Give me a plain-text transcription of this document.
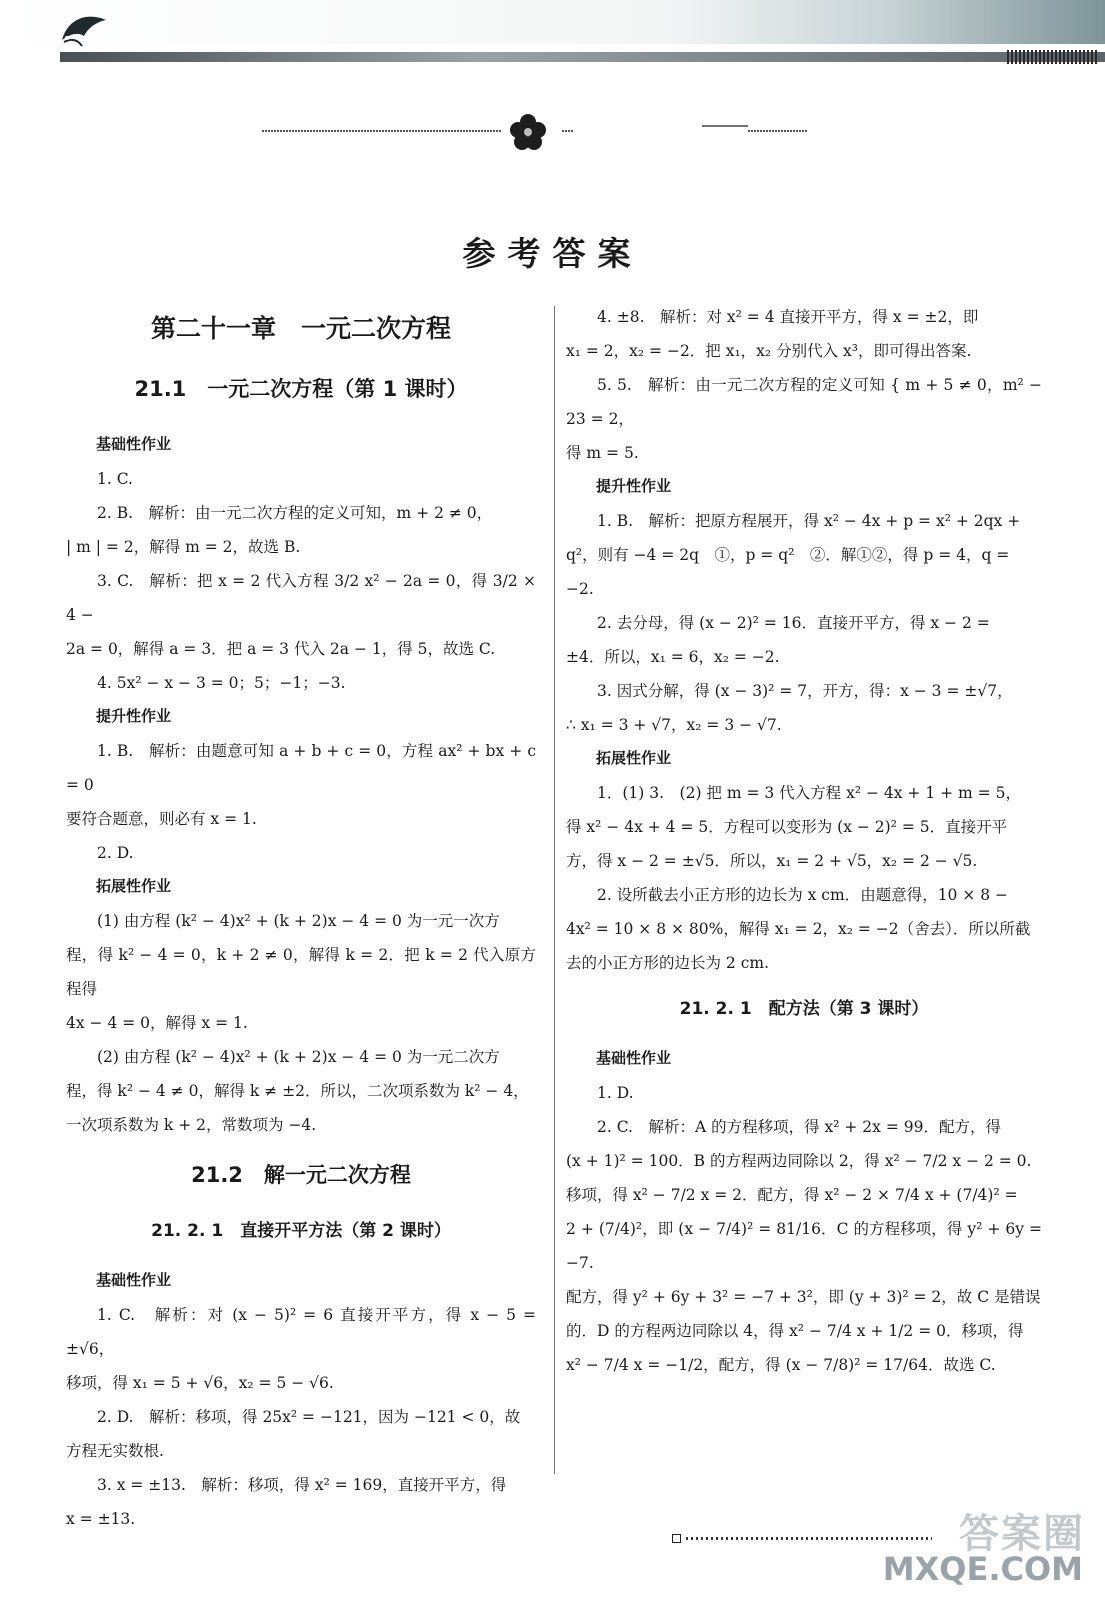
参考答案
第二十一章　一元二次方程
21.1　一元二次方程（第 1 课时）
基础性作业

1. C.

2. B.　解析：由一元二次方程的定义可知，m + 2 ≠ 0，

| m | = 2，解得 m = 2，故选 B.

3. C.　解析：把 x = 2 代入方程 3/2 x² − 2a = 0，得 3/2 × 4 −

2a = 0，解得 a = 3．把 a = 3 代入 2a − 1，得 5，故选 C.

4. 5x² − x − 3 = 0；5；−1；−3.

提升性作业

1. B.　解析：由题意可知 a + b + c = 0，方程 ax² + bx + c = 0

要符合题意，则必有 x = 1.

2. D.

拓展性作业

(1) 由方程 (k² − 4)x² + (k + 2)x − 4 = 0 为一元一次方

程，得 k² − 4 = 0，k + 2 ≠ 0，解得 k = 2．把 k = 2 代入原方程得

4x − 4 = 0，解得 x = 1.

(2) 由方程 (k² − 4)x² + (k + 2)x − 4 = 0 为一元二次方

程，得 k² − 4 ≠ 0，解得 k ≠ ±2．所以，二次项系数为 k² − 4，

一次项系数为 k + 2，常数项为 −4.

21.2　解一元二次方程
21. 2. 1　直接开平方法（第 2 课时）
基础性作业

1. C.　解析：对 (x − 5)² = 6 直接开平方，得 x − 5 = ±√6，

移项，得 x₁ = 5 + √6，x₂ = 5 − √6.

2. D.　解析：移项，得 25x² = −121，因为 −121 < 0，故

方程无实数根.

3. x = ±13.　解析：移项，得 x² = 169，直接开平方，得

x = ±13.

4. ±8.　解析：对 x² = 4 直接开平方，得 x = ±2，即

x₁ = 2，x₂ = −2．把 x₁，x₂ 分别代入 x³，即可得出答案.

5. 5.　解析：由一元二次方程的定义可知 { m + 5 ≠ 0，m² − 23 = 2，

得 m = 5.

提升性作业

1. B.　解析：把原方程展开，得 x² − 4x + p = x² + 2qx +

q²，则有 −4 = 2q　①，p = q²　②．解①②，得 p = 4，q =

−2.

2. 去分母，得 (x − 2)² = 16．直接开平方，得 x − 2 =

±4．所以，x₁ = 6，x₂ = −2.

3. 因式分解，得 (x − 3)² = 7，开方，得：x − 3 = ±√7，

∴ x₁ = 3 + √7，x₂ = 3 − √7.

拓展性作业

1．(1) 3.　(2) 把 m = 3 代入方程 x² − 4x + 1 + m = 5，

得 x² − 4x + 4 = 5．方程可以变形为 (x − 2)² = 5．直接开平

方，得 x − 2 = ±√5．所以，x₁ = 2 + √5，x₂ = 2 − √5.

2. 设所截去小正方形的边长为 x cm．由题意得，10 × 8 −

4x² = 10 × 8 × 80%，解得 x₁ = 2，x₂ = −2（舍去）．所以所截

去的小正方形的边长为 2 cm.

21. 2. 1　配方法（第 3 课时）
基础性作业

1. D.

2. C.　解析：A 的方程移项，得 x² + 2x = 99．配方，得

(x + 1)² = 100．B 的方程两边同除以 2，得 x² − 7/2 x − 2 = 0.

移项，得 x² − 7/2 x = 2．配方，得 x² − 2 × 7/4 x + (7/4)² =

2 + (7/4)²，即 (x − 7/4)² = 81/16．C 的方程移项，得 y² + 6y = −7.

配方，得 y² + 6y + 3² = −7 + 3²，即 (y + 3)² = 2，故 C 是错误

的．D 的方程两边同除以 4，得 x² − 7/4 x + 1/2 = 0．移项，得

x² − 7/4 x = −1/2，配方，得 (x − 7/8)² = 17/64．故选 C.

答案圈
MXQE.COM
